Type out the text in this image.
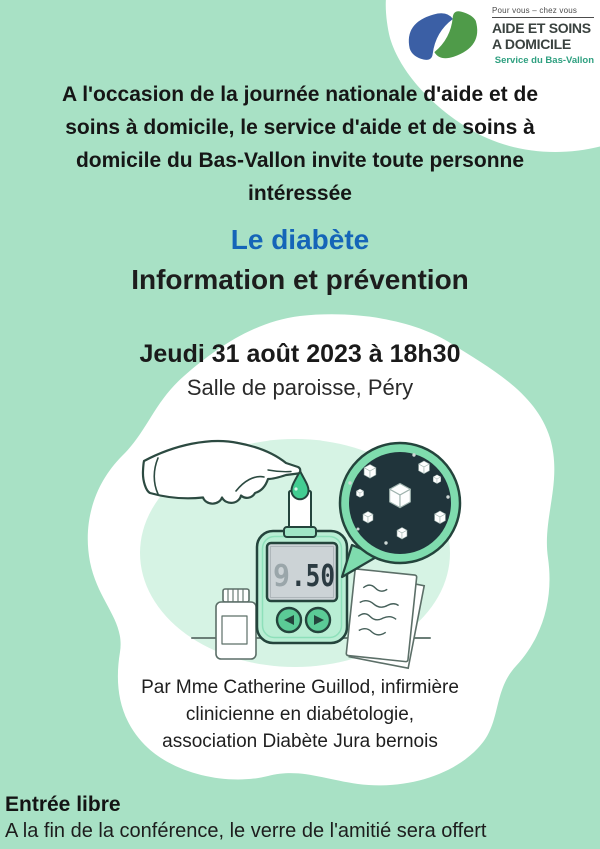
Pour vous – chez vous
AIDE ET SOINS
A DOMICILE
Service du Bas-Vallon
A l'occasion de la journée nationale d'aide et de
soins à domicile, le service d'aide et de soins à
domicile du Bas-Vallon invite toute personne
intéressée
Le diabète
Information et prévention
Jeudi 31 août 2023 à 18h30
Salle de paroisse, Péry
9 .50
Par Mme Catherine Guillod, infirmière
clinicienne en diabétologie,
association Diabète Jura bernois
Entrée libre
A la fin de la conférence, le verre de l'amitié sera offert
